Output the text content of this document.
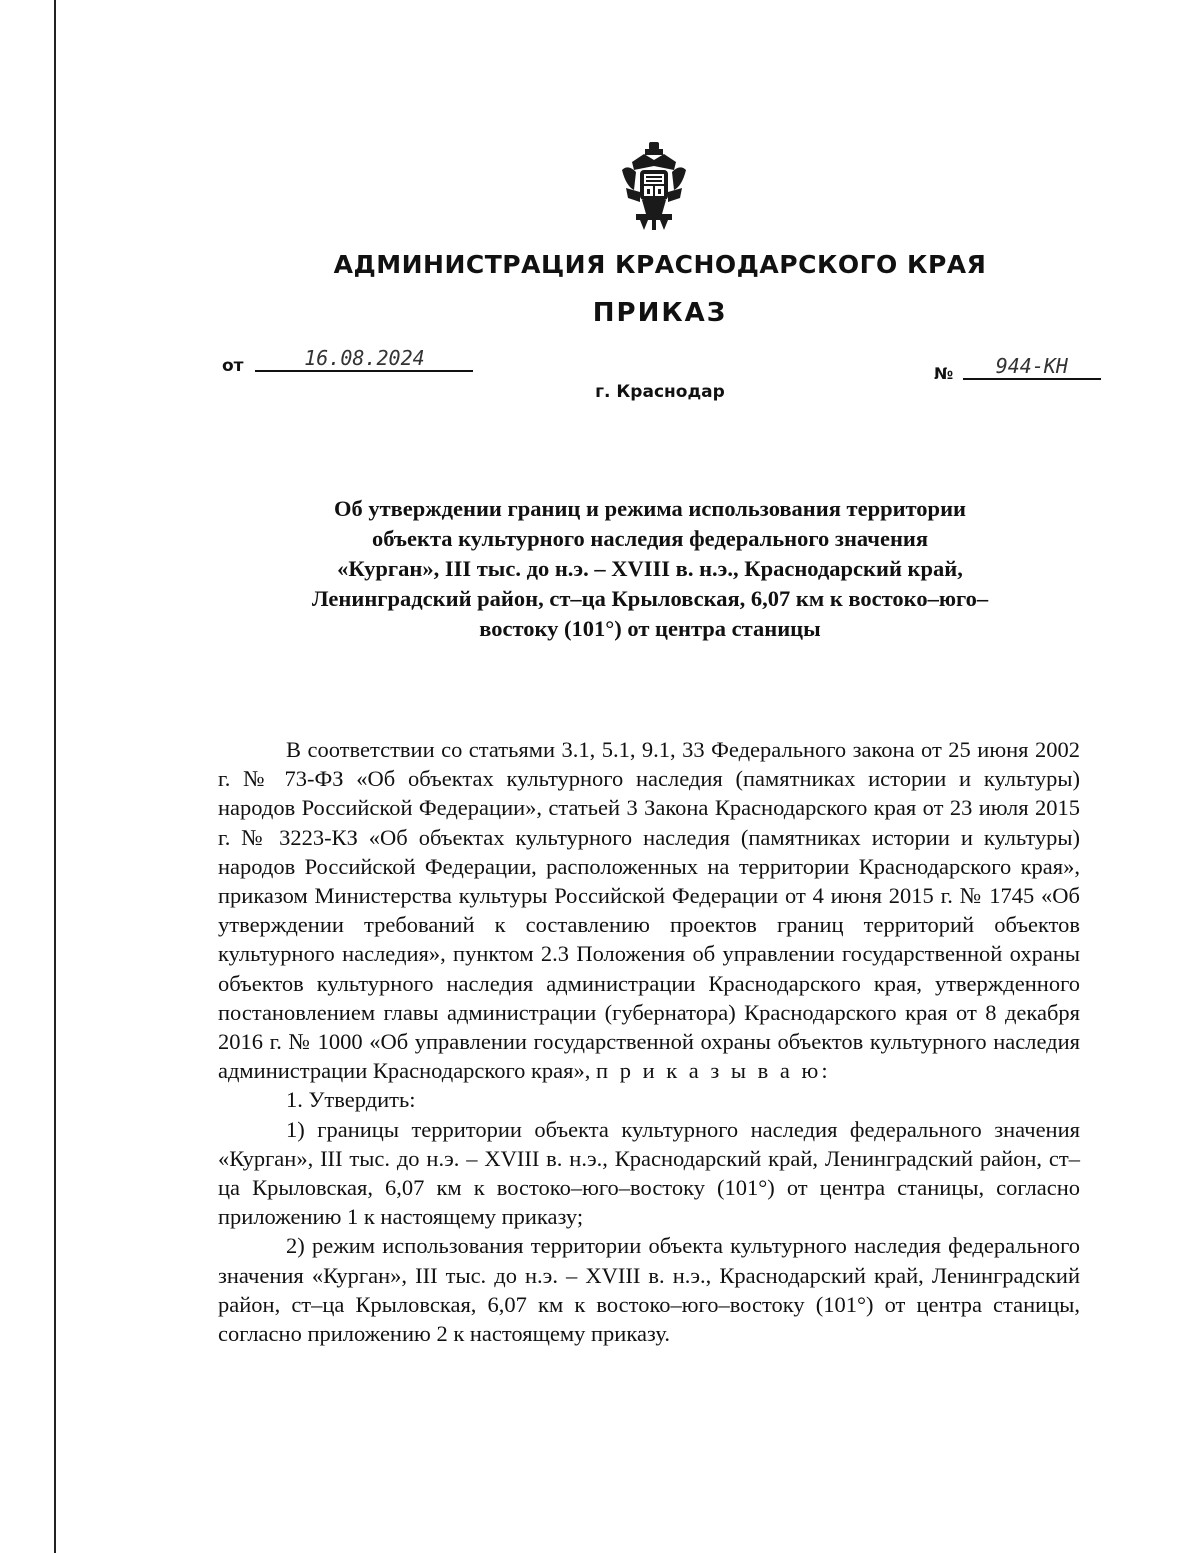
АДМИНИСТРАЦИЯ КРАСНОДАРСКОГО КРАЯ
ПРИКАЗ
от	16.08.2024
№ 944-КН

г. Краснодар

Об утверждении границ и режима использования территории
объекта культурного наследия федерального значения
«Курган», III тыс. до н.э. – XVIII в. н.э., Краснодарский край,
Ленинградский район, ст–ца Крыловская, 6,07 км к востоко–юго–
востоку (101°) от центра станицы

В соответствии со статьями 3.1, 5.1, 9.1, 33 Федерального закона от 25 июня 2002 г. № 73-ФЗ «Об объектах культурного наследия (памятниках истории и культуры) народов Российской Федерации», статьей 3 Закона Краснодарского края от 23 июля 2015 г. № 3223-КЗ «Об объектах культурного наследия (памятниках истории и культуры) народов Российской Федерации, расположенных на территории Краснодарского края», приказом Министерства культуры Российской Федерации от 4 июня 2015 г. № 1745 «Об утверждении требований к составлению проектов границ территорий объектов культурного наследия», пунктом 2.3 Положения об управлении государственной охраны объектов культурного наследия администрации Краснодарского края, утвержденного постановлением главы администрации (губернатора) Краснодарского края от 8 декабря 2016 г. № 1000 «Об управлении государственной охраны объектов культурного наследия администрации Краснодарского края», п р и к а з ы в а ю:

1. Утвердить:

1) границы территории объекта культурного наследия федерального значения «Курган», III тыс. до н.э. – XVIII в. н.э., Краснодарский край, Ленинградский район, ст–ца Крыловская, 6,07 км к востоко–юго–востоку (101°) от центра станицы, согласно приложению 1 к настоящему приказу;

2) режим использования территории объекта культурного наследия федерального значения «Курган», III тыс. до н.э. – XVIII в. н.э., Краснодарский край, Ленинградский район, ст–ца Крыловская, 6,07 км к востоко–юго–востоку (101°) от центра станицы, согласно приложению 2 к настоящему приказу.
